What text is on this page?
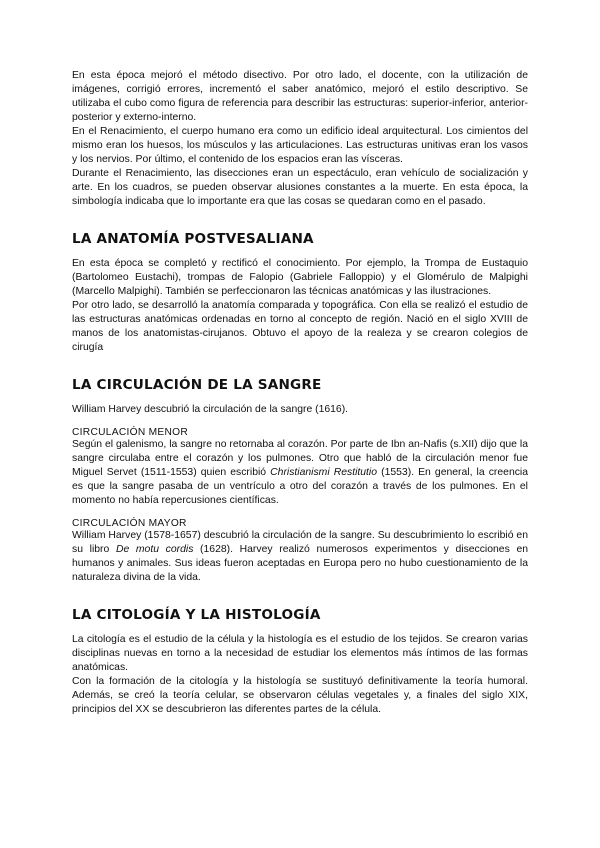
En esta época mejoró el método disectivo. Por otro lado, el docente, con la utilización de imágenes, corrigió errores, incrementó el saber anatómico, mejoró el estilo descriptivo. Se utilizaba el cubo como figura de referencia para describir las estructuras: superior-inferior, anterior-posterior y externo-interno.

En el Renacimiento, el cuerpo humano era como un edificio ideal arquitectural. Los cimientos del mismo eran los huesos, los músculos y las articulaciones. Las estructuras unitivas eran los vasos y los nervios. Por último, el contenido de los espacios eran las vísceras.

Durante el Renacimiento, las disecciones eran un espectáculo, eran vehículo de socialización y arte. En los cuadros, se pueden observar alusiones constantes a la muerte. En esta época, la simbología indicaba que lo importante era que las cosas se quedaran como en el pasado.

LA ANATOMÍA POSTVESALIANA

En esta época se completó y rectificó el conocimiento. Por ejemplo, la Trompa de Eustaquio (Bartolomeo Eustachi), trompas de Falopio (Gabriele Falloppio) y el Glomérulo de Malpighi (Marcello Malpighi). También se perfeccionaron las técnicas anatómicas y las ilustraciones.

Por otro lado, se desarrolló la anatomía comparada y topográfica. Con ella se realizó el estudio de las estructuras anatómicas ordenadas en torno al concepto de región. Nació en el siglo XVIII de manos de los anatomistas-cirujanos. Obtuvo el apoyo de la realeza y se crearon colegios de cirugía

LA CIRCULACIÓN DE LA SANGRE

William Harvey descubrió la circulación de la sangre (1616).

CIRCULACIÓN MENOR

Según el galenismo, la sangre no retornaba al corazón. Por parte de Ibn an-Nafis (s.XII) dijo que la sangre circulaba entre el corazón y los pulmones. Otro que habló de la circulación menor fue Miguel Servet (1511-1553) quien escribió Christianismi Restitutio (1553). En general, la creencia es que la sangre pasaba de un ventrículo a otro del corazón a través de los pulmones. En el momento no había repercusiones científicas.

CIRCULACIÓN MAYOR

William Harvey (1578-1657) descubrió la circulación de la sangre. Su descubrimiento lo escribió en su libro De motu cordis (1628). Harvey realizó numerosos experimentos y disecciones en humanos y animales. Sus ideas fueron aceptadas en Europa pero no hubo cuestionamiento de la naturaleza divina de la vida.

LA CITOLOGÍA Y LA HISTOLOGÍA

La citología es el estudio de la célula y la histología es el estudio de los tejidos. Se crearon varias disciplinas nuevas en torno a la necesidad de estudiar los elementos más íntimos de las formas anatómicas.

Con la formación de la citología y la histología se sustituyó definitivamente la teoría humoral. Además, se creó la teoría celular, se observaron células vegetales y, a finales del siglo XIX, principios del XX se descubrieron las diferentes partes de la célula.
